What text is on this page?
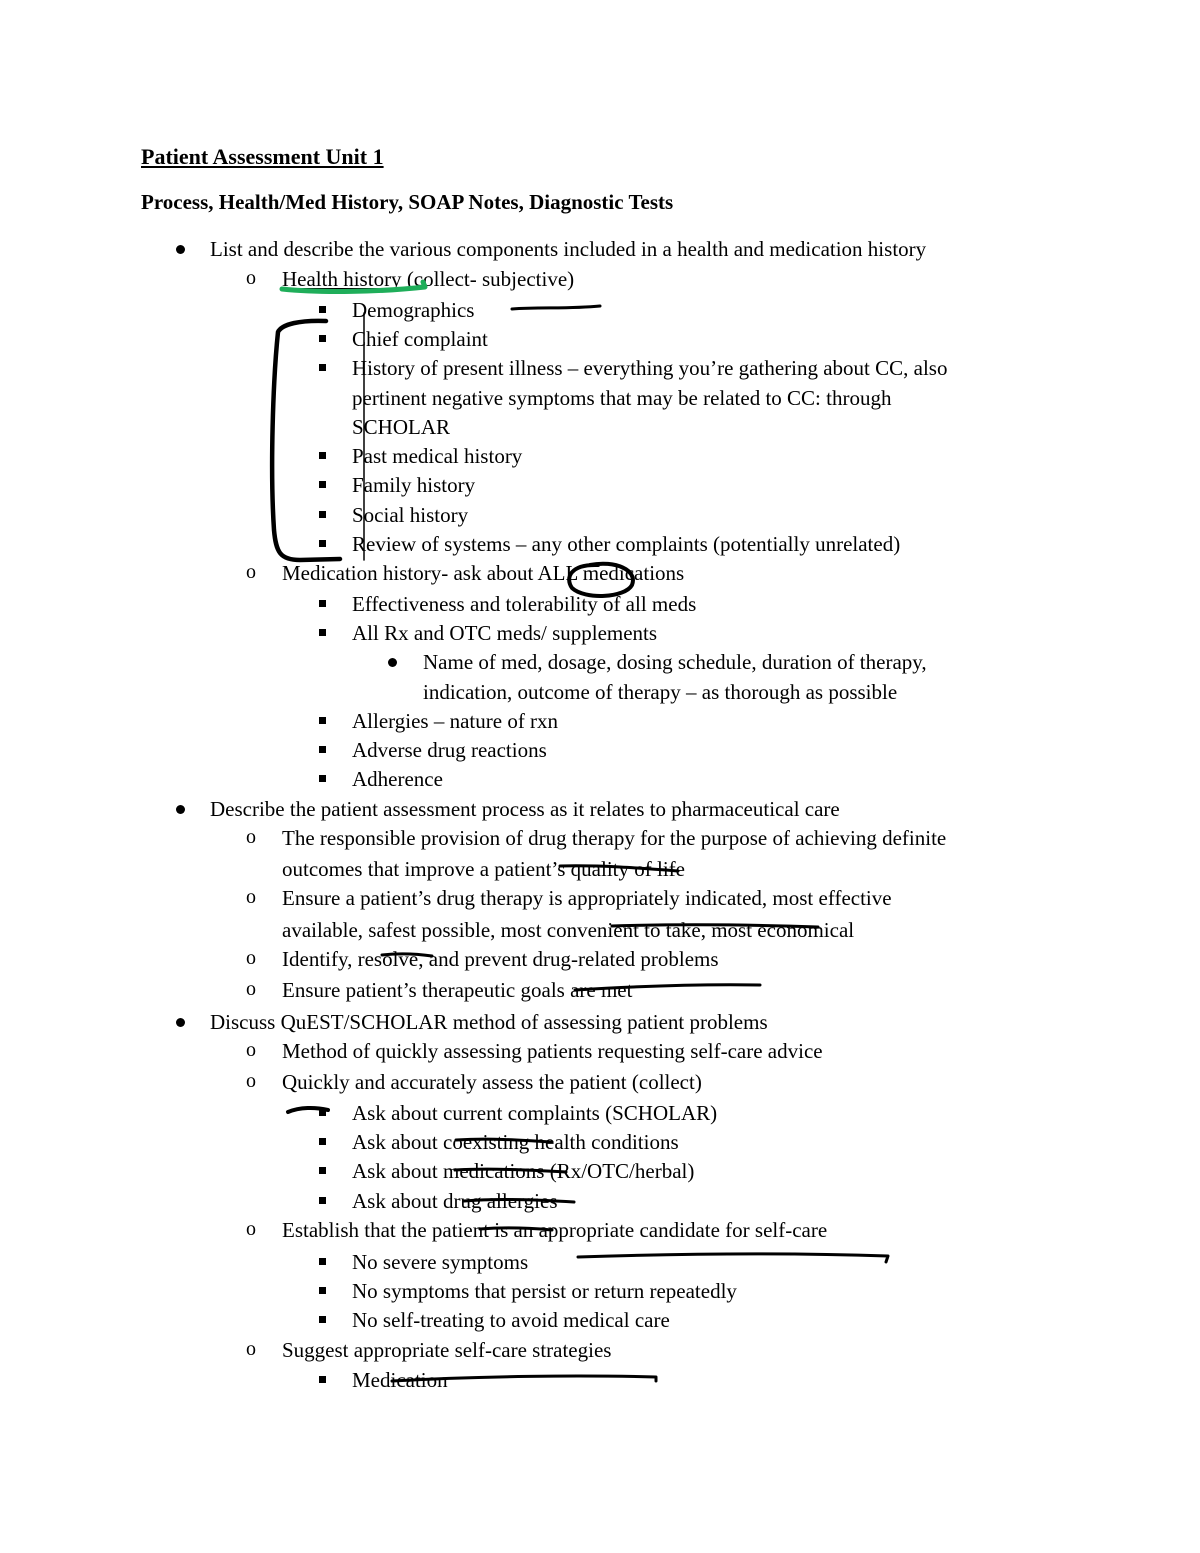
Patient Assessment Unit 1
Process, Health/Med History, SOAP Notes, Diagnostic Tests
List and describe the various components included in a health and medication history
o Health history (collect- subjective)
Demographics
Chief complaint
History of present illness – everything you’re gathering about CC, also
pertinent negative symptoms that may be related to CC: through
SCHOLAR
Past medical history
Family history
Social history
Review of systems – any other complaints (potentially unrelated)
o Medication history- ask about ALL medications
Effectiveness and tolerability of all meds
All Rx and OTC meds/ supplements
Name of med, dosage, dosing schedule, duration of therapy,
indication, outcome of therapy – as thorough as possible
Allergies – nature of rxn
Adverse drug reactions
Adherence
Describe the patient assessment process as it relates to pharmaceutical care
o The responsible provision of drug therapy for the purpose of achieving definite
outcomes that improve a patient’s quality of life
o Ensure a patient’s drug therapy is appropriately indicated, most effective
available, safest possible, most convenient to take, most economical
o Identify, resolve, and prevent drug-related problems
o Ensure patient’s therapeutic goals are met
Discuss QuEST/SCHOLAR method of assessing patient problems
o Method of quickly assessing patients requesting self-care advice
o Quickly and accurately assess the patient (collect)
Ask about current complaints (SCHOLAR)
Ask about coexisting health conditions
Ask about medications (Rx/OTC/herbal)
Ask about drug allergies
o Establish that the patient is an appropriate candidate for self-care
No severe symptoms
No symptoms that persist or return repeatedly
No self-treating to avoid medical care
o Suggest appropriate self-care strategies
Medication
